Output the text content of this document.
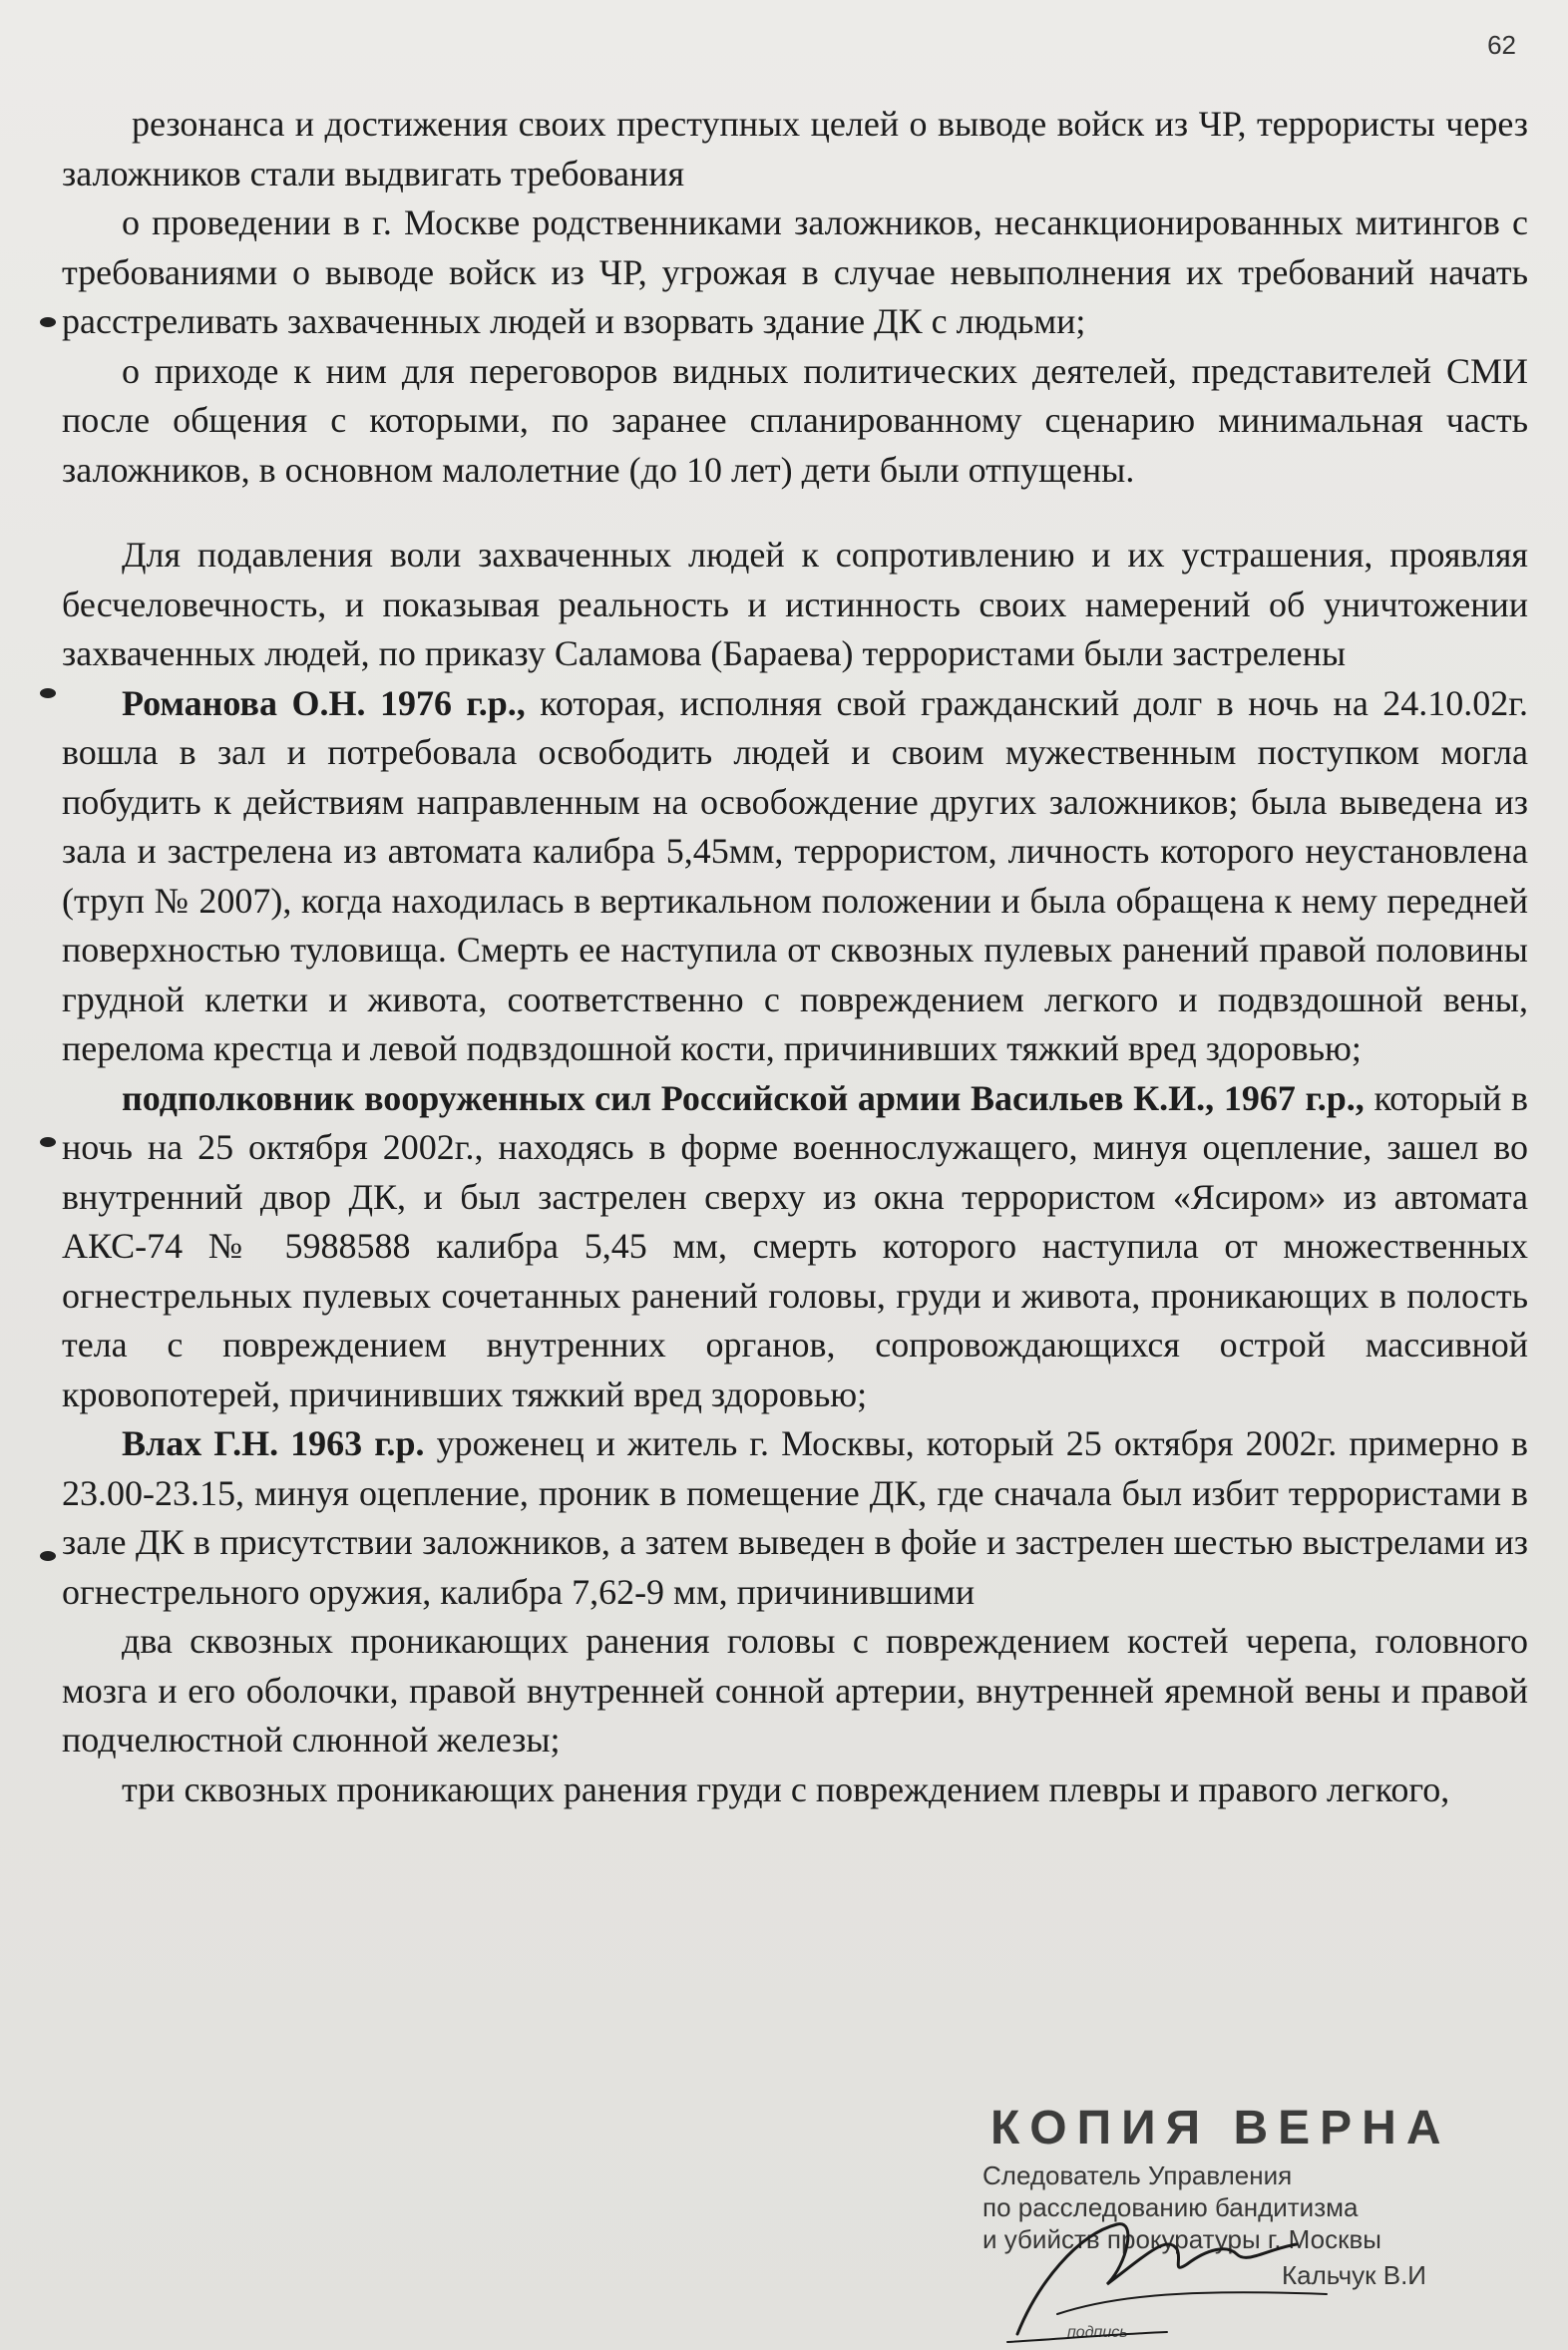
62

резонанса и достижения своих преступных целей о выводе войск из ЧР, террористы через заложников стали выдвигать требования

о проведении в г. Москве родственниками заложников, несанкционированных митингов с требованиями о выводе войск из ЧР, угрожая в случае невыполнения их требований начать расстреливать захваченных людей и взорвать здание ДК с людьми;

о приходе к ним для переговоров видных политических деятелей, представителей СМИ после общения с которыми, по заранее спланированному сценарию минимальная часть заложников, в основном малолетние (до 10 лет) дети были отпущены.

Для подавления воли захваченных людей к сопротивлению и их устрашения, проявляя бесчеловечность, и показывая реальность и истинность своих намерений об уничтожении захваченных людей, по приказу Саламова (Бараева) террористами были застрелены

Романова О.Н. 1976 г.р., которая, исполняя свой гражданский долг в ночь на 24.10.02г. вошла в зал и потребовала освободить людей и своим мужественным поступком могла побудить к действиям направленным на освобождение других заложников; была выведена из зала и застрелена из автомата калибра 5,45мм, террористом, личность которого неустановлена (труп № 2007), когда находилась в вертикальном положении и была обращена к нему передней поверхностью туловища. Смерть ее наступила от сквозных пулевых ранений правой половины грудной клетки и живота, соответственно с повреждением легкого и подвздошной вены, перелома крестца и левой подвздошной кости, причинивших тяжкий вред здоровью;

подполковник вооруженных сил Российской армии Васильев К.И., 1967 г.р., который в ночь на 25 октября 2002г., находясь в форме военнослужащего, минуя оцепление, зашел во внутренний двор ДК, и был застрелен сверху из окна террористом «Ясиром» из автомата АКС-74 № 5988588 калибра 5,45 мм, смерть которого наступила от множественных огнестрельных пулевых сочетанных ранений головы, груди и живота, проникающих в полость тела с повреждением внутренних органов, сопровождающихся острой массивной кровопотерей, причинивших тяжкий вред здоровью;

Влах Г.Н. 1963 г.р. уроженец и житель г. Москвы, который 25 октября 2002г. примерно в 23.00-23.15, минуя оцепление, проник в помещение ДК, где сначала был избит террористами в зале ДК в присутствии заложников, а затем выведен в фойе и застрелен шестью выстрелами из огнестрельного оружия, калибра 7,62-9 мм, причинившими

два сквозных проникающих ранения головы с повреждением костей черепа, головного мозга и его оболочки, правой внутренней сонной артерии, внутренней яремной вены и правой подчелюстной слюнной железы;

три сквозных проникающих ранения груди с повреждением плевры и правого легкого,

КОПИЯ ВЕРНА
Следователь Управления
по расследованию бандитизма
и убийств прокуратуры г. Москвы
Кальчук В.И
подпись
